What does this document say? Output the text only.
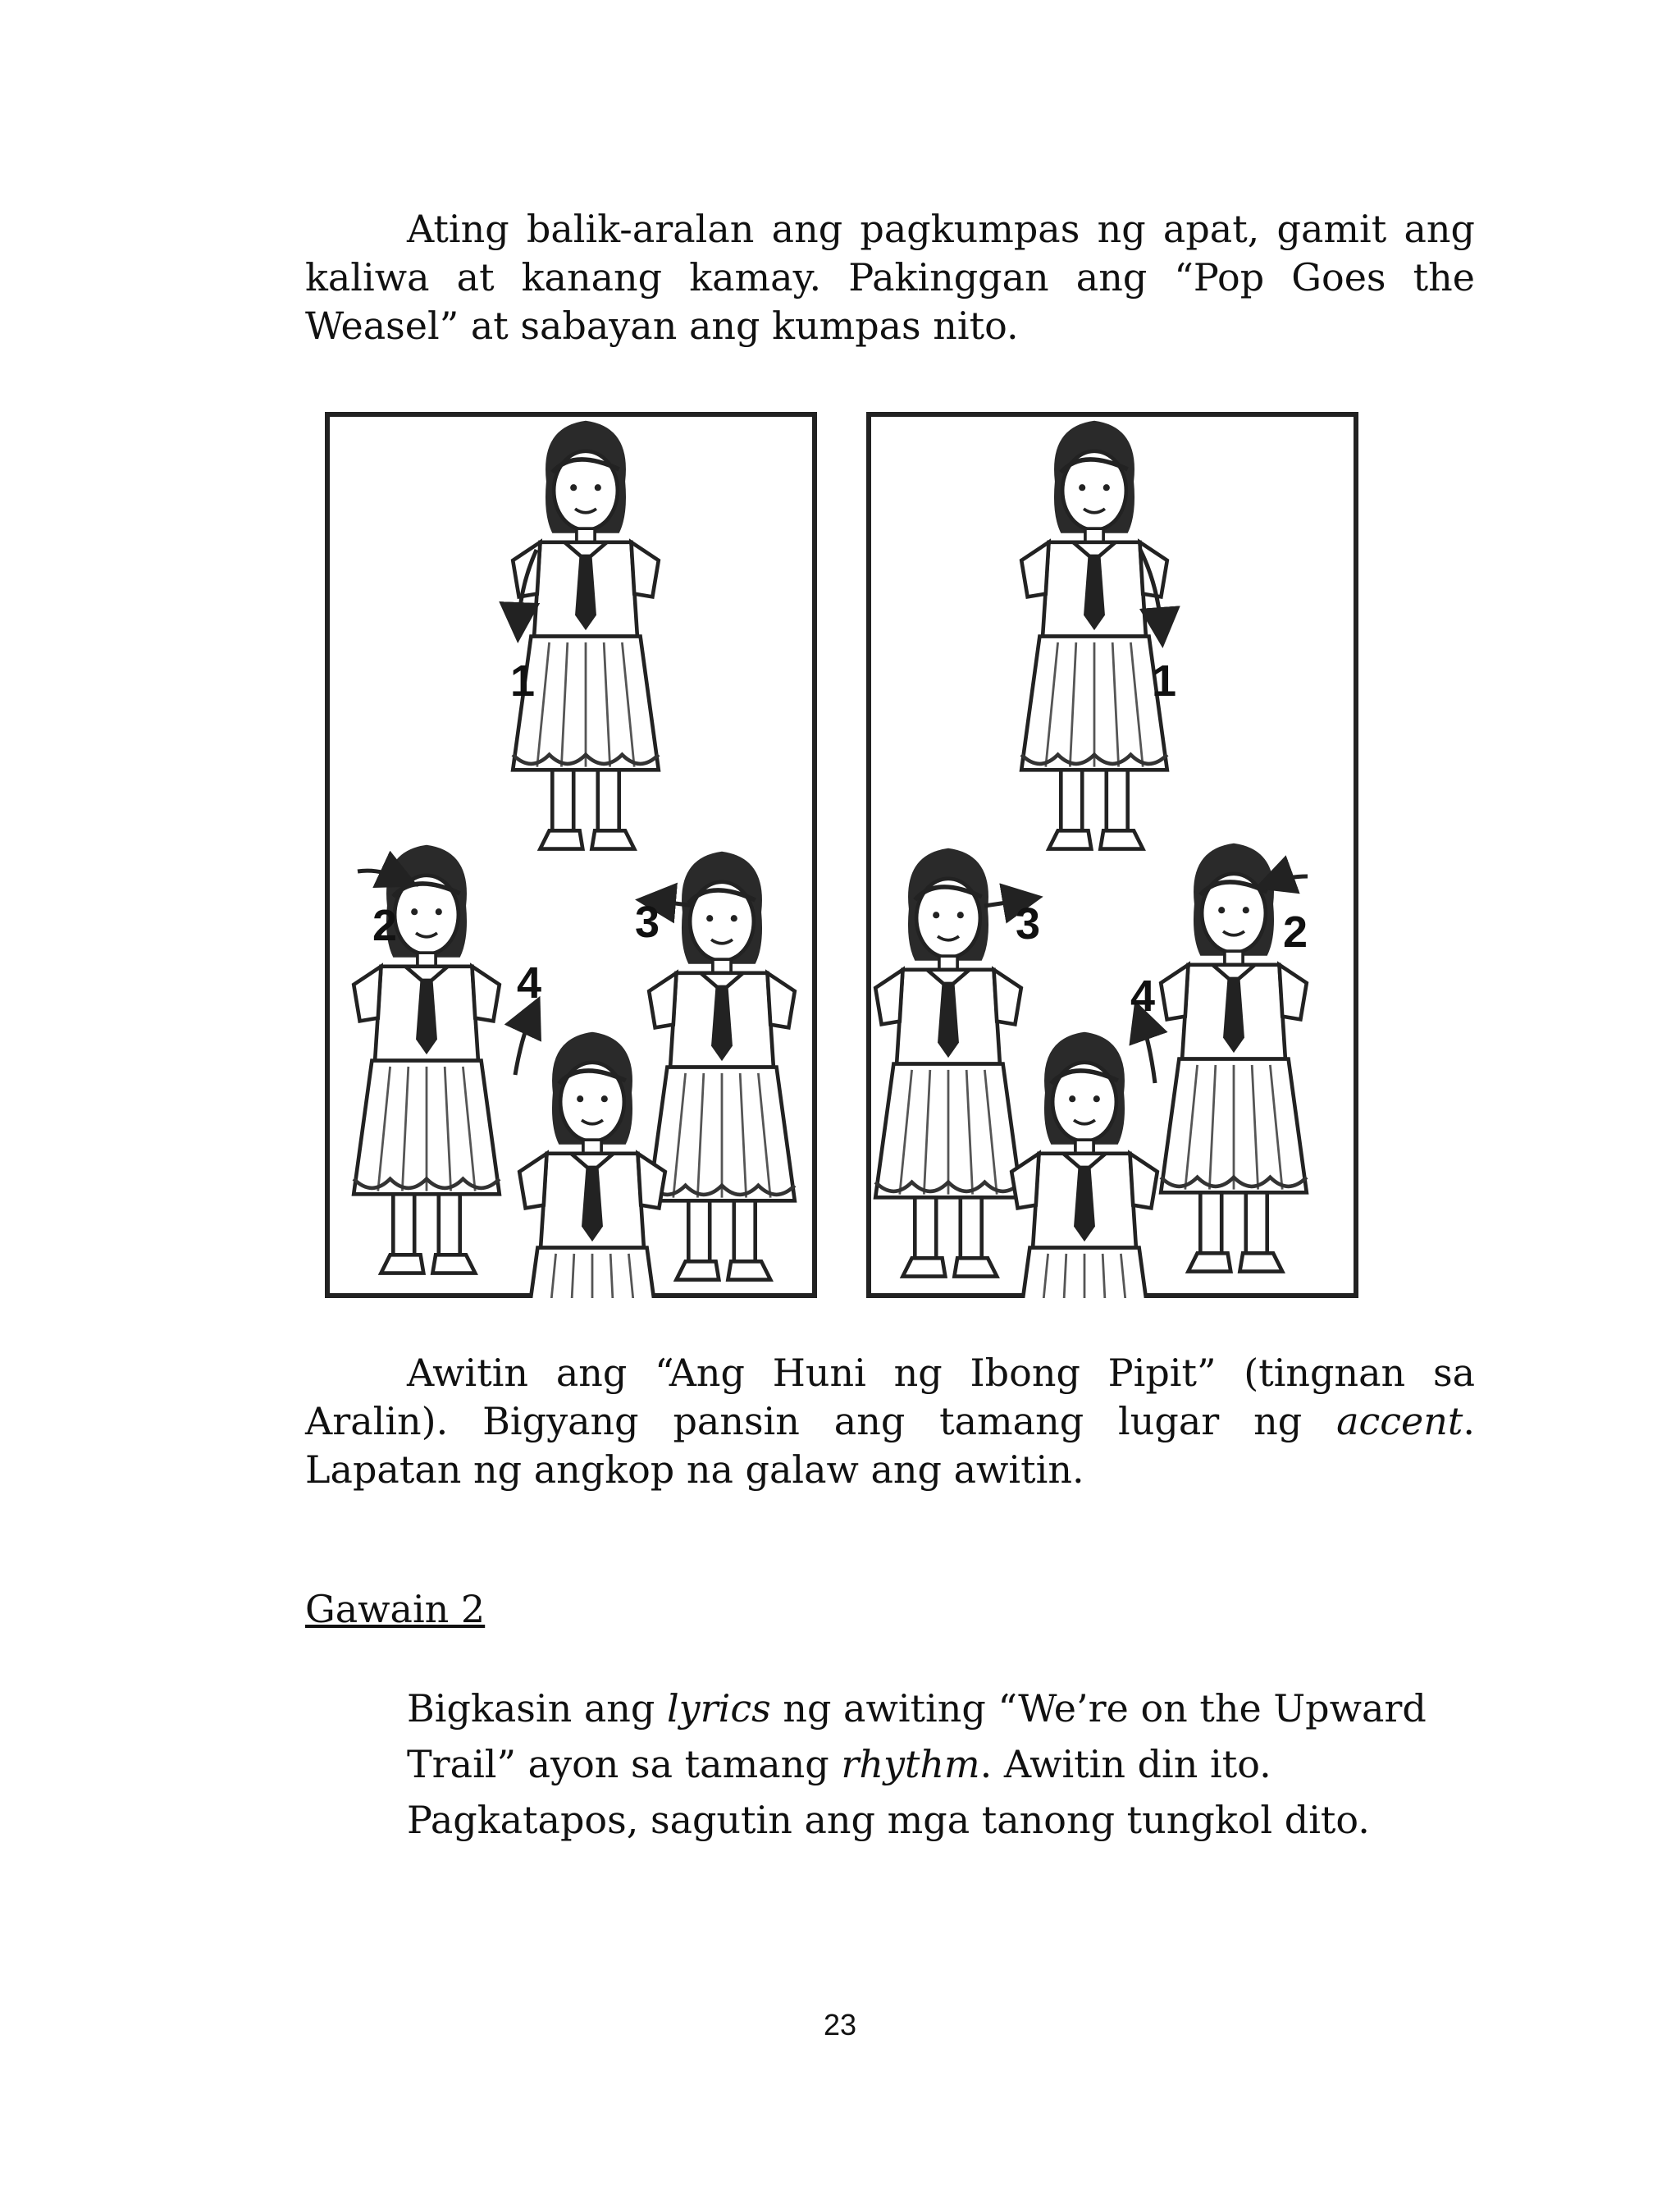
Ating balik-aralan ang pagkumpas ng apat, gamit ang kaliwa at kanang kamay. Pakinggan ang “Pop Goes the Weasel” at sabayan ang kumpas nito.

1
2	3
4
1
2
3
4

Awitin ang “Ang Huni ng Ibong Pipit” (tingnan sa Aralin). Bigyang pansin ang tamang lugar ng accent. Lapatan ng angkop na galaw ang awitin.

Gawain 2

Bigkasin ang lyrics ng awiting “We’re on the Upward

Trail” ayon sa tamang rhythm. Awitin din ito.

Pagkatapos, sagutin ang mga tanong tungkol dito.

23
